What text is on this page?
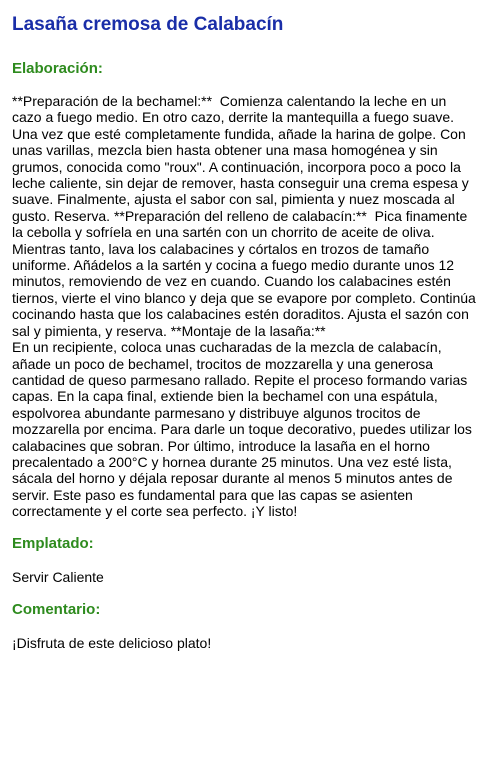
Lasaña cremosa de Calabacín
Elaboración:

**Preparación de la bechamel:**  Comienza calentando la leche en un cazo a fuego medio. En otro cazo, derrite la mantequilla a fuego suave. Una vez que esté completamente fundida, añade la harina de golpe. Con unas varillas, mezcla bien hasta obtener una masa homogénea y sin grumos, conocida como "roux". A continuación, incorpora poco a poco la leche caliente, sin dejar de remover, hasta conseguir una crema espesa y suave. Finalmente, ajusta el sabor con sal, pimienta y nuez moscada al gusto. Reserva. **Preparación del relleno de calabacín:**  Pica finamente la cebolla y sofríela en una sartén con un chorrito de aceite de oliva. Mientras tanto, lava los calabacines y córtalos en trozos de tamaño uniforme. Añádelos a la sartén y cocina a fuego medio durante unos 12 minutos, removiendo de vez en cuando. Cuando los calabacines estén tiernos, vierte el vino blanco y deja que se evapore por completo. Continúa cocinando hasta que los calabacines estén doraditos. Ajusta el sazón con sal y pimienta, y reserva. **Montaje de la lasaña:**
En un recipiente, coloca unas cucharadas de la mezcla de calabacín, añade un poco de bechamel, trocitos de mozzarella y una generosa cantidad de queso parmesano rallado. Repite el proceso formando varias capas. En la capa final, extiende bien la bechamel con una espátula, espolvorea abundante parmesano y distribuye algunos trocitos de mozzarella por encima. Para darle un toque decorativo, puedes utilizar los calabacines que sobran. Por último, introduce la lasaña en el horno precalentado a 200°C y hornea durante 25 minutos. Una vez esté lista, sácala del horno y déjala reposar durante al menos 5 minutos antes de servir. Este paso es fundamental para que las capas se asienten correctamente y el corte sea perfecto. ¡Y listo!

Emplatado:

Servir Caliente

Comentario:

¡Disfruta de este delicioso plato!
